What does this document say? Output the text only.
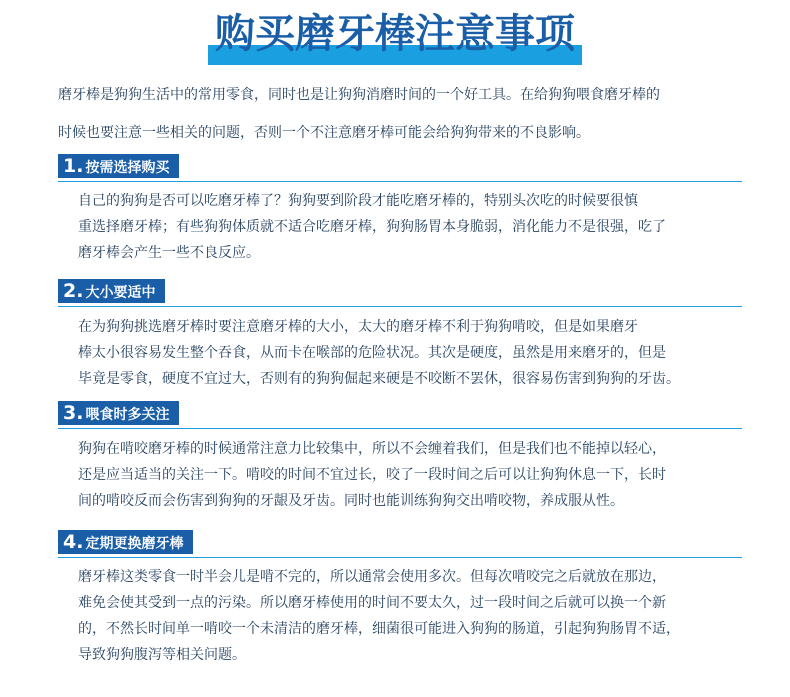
购买磨牙棒注意事项

磨牙棒是狗狗生活中的常用零食，同时也是让狗狗消磨时间的一个好工具。在给狗狗喂食磨牙棒的

时候也要注意一些相关的问题，否则一个不注意磨牙棒可能会给狗狗带来的不良影响。

1. 按需选择购买

自己的狗狗是否可以吃磨牙棒了？狗狗要到阶段才能吃磨牙棒的，特别头次吃的时候要很慎

重选择磨牙棒；有些狗狗体质就不适合吃磨牙棒，狗狗肠胃本身脆弱，消化能力不是很强，吃了

磨牙棒会产生一些不良反应。

2. 大小要适中

在为狗狗挑选磨牙棒时要注意磨牙棒的大小，太大的磨牙棒不利于狗狗啃咬，但是如果磨牙

棒太小很容易发生整个吞食，从而卡在喉部的危险状况。其次是硬度，虽然是用来磨牙的，但是

毕竟是零食，硬度不宜过大，否则有的狗狗倔起来硬是不咬断不罢休，很容易伤害到狗狗的牙齿。

3. 喂食时多关注

狗狗在啃咬磨牙棒的时候通常注意力比较集中，所以不会缠着我们，但是我们也不能掉以轻心，

还是应当适当的关注一下。啃咬的时间不宜过长，咬了一段时间之后可以让狗狗休息一下，长时

间的啃咬反而会伤害到狗狗的牙龈及牙齿。同时也能训练狗狗交出啃咬物，养成服从性。

4. 定期更换磨牙棒

磨牙棒这类零食一时半会儿是啃不完的，所以通常会使用多次。但每次啃咬完之后就放在那边，

难免会使其受到一点的污染。所以磨牙棒使用的时间不要太久，过一段时间之后就可以换一个新

的，不然长时间单一啃咬一个未清洁的磨牙棒，细菌很可能进入狗狗的肠道，引起狗狗肠胃不适，

导致狗狗腹泻等相关问题。
